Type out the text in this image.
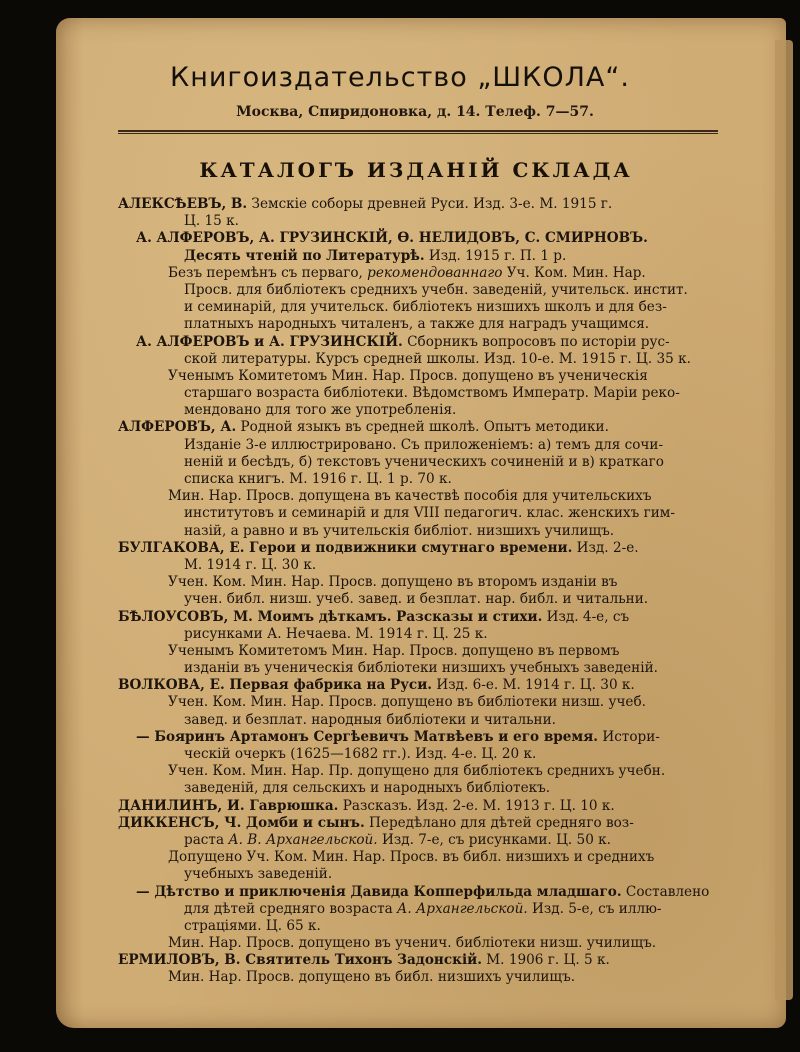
Книгоиздательство „ШКОЛА“.
Москва, Спиридоновка, д. 14. Телеф. 7—57.
КАТАЛОГЪ ИЗДАНІЙ СКЛАДА
АЛЕКСѢЕВЪ, В. Земскіе соборы древней Руси. Изд. 3-е. М. 1915 г.
Ц. 15 к.
А. АЛФЕРОВЪ, А. ГРУЗИНСКІЙ, Ѳ. НЕЛИДОВЪ, С. СМИРНОВЪ.
Десять чтеній по Литературѣ. Изд. 1915 г. П. 1 р.
Безъ перемѣнъ съ перваго, рекомендованнаго Уч. Ком. Мин. Нар.
Просв. для библіотекъ среднихъ учебн. заведеній, учительск. инстит.
и семинарій, для учительск. библіотекъ низшихъ школъ и для без-
платныхъ народныхъ читаленъ, а также для наградъ учащимся.
А. АЛФЕРОВЪ и А. ГРУЗИНСКІЙ. Сборникъ вопросовъ по исторіи рус-
ской литературы. Курсъ средней школы. Изд. 10-е. М. 1915 г. Ц. 35 к.
Ученымъ Комитетомъ Мин. Нар. Просв. допущено въ ученическія
старшаго возраста библіотеки. Вѣдомствомъ Императр. Маріи реко-
мендовано для того же употребленія.
АЛФЕРОВЪ, А. Родной языкъ въ средней школѣ. Опытъ методики.
Изданіе 3-е иллюстрировано. Съ приложеніемъ: а) темъ для сочи-
неній и бесѣдъ, б) текстовъ ученическихъ сочиненій и в) краткаго
списка книгъ. М. 1916 г. Ц. 1 р. 70 к.
Мин. Нар. Просв. допущена въ качествѣ пособія для учительскихъ
институтовъ и семинарій и для VIII педагогич. клас. женскихъ гим-
назій, а равно и въ учительскія библіот. низшихъ училищъ.
БУЛГАКОВА, Е. Герои и подвижники смутнаго времени. Изд. 2-е.
М. 1914 г. Ц. 30 к.
Учен. Ком. Мин. Нар. Просв. допущено въ второмъ изданіи въ
учен. библ. низш. учеб. завед. и безплат. нар. библ. и читальни.
БѢЛОУСОВЪ, М. Моимъ дѣткамъ. Разсказы и стихи. Изд. 4-е, съ
рисунками А. Нечаева. М. 1914 г. Ц. 25 к.
Ученымъ Комитетомъ Мин. Нар. Просв. допущено въ первомъ
изданіи въ ученическія библіотеки низшихъ учебныхъ заведеній.
ВОЛКОВА, Е. Первая фабрика на Руси. Изд. 6-е. М. 1914 г. Ц. 30 к.
Учен. Ком. Мин. Нар. Просв. допущено въ библіотеки низш. учеб.
завед. и безплат. народныя библіотеки и читальни.
— Бояринъ Артамонъ Сергѣевичъ Матвѣевъ и его время. Истори-
ческій очеркъ (1625—1682 гг.). Изд. 4-е. Ц. 20 к.
Учен. Ком. Мин. Нар. Пр. допущено для библіотекъ среднихъ учебн.
заведеній, для сельскихъ и народныхъ библіотекъ.
ДАНИЛИНЪ, И. Гаврюшка. Разсказъ. Изд. 2-е. М. 1913 г. Ц. 10 к.
ДИККЕНСЪ, Ч. Домби и сынъ. Передѣлано для дѣтей средняго воз-
раста А. В. Архангельской. Изд. 7-е, съ рисунками. Ц. 50 к.
Допущено Уч. Ком. Мин. Нар. Просв. въ библ. низшихъ и среднихъ
учебныхъ заведеній.
— Дѣтство и приключенія Давида Копперфильда младшаго. Составлено
для дѣтей средняго возраста А. Архангельской. Изд. 5-е, съ иллю-
страціями. Ц. 65 к.
Мин. Нар. Просв. допущено въ ученич. библіотеки низш. училищъ.
ЕРМИЛОВЪ, В. Святитель Тихонъ Задонскій. М. 1906 г. Ц. 5 к.
Мин. Нар. Просв. допущено въ библ. низшихъ училищъ.
